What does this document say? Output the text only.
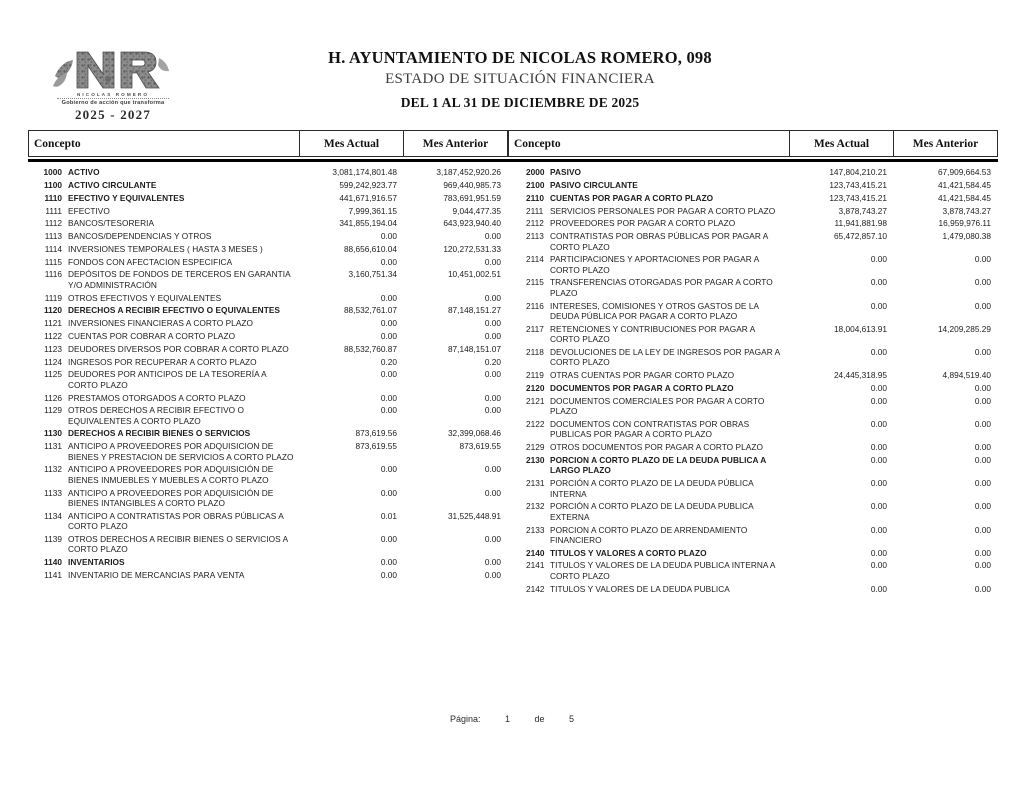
NICOLAS ROMERO
Gobierno de acción que transforma
2025 - 2027
H. AYUNTAMIENTO DE NICOLAS ROMERO, 098
ESTADO DE SITUACIÓN FINANCIERA
DEL 1 AL 31 DE DICIEMBRE DE 2025
Concepto	Mes Actual	Mes Anterior
1000 ACTIVO	3,081,174,801.48	3,187,452,920.26
1100 ACTIVO CIRCULANTE	599,242,923.77	969,440,985.73
1110 EFECTIVO Y EQUIVALENTES	441,671,916.57	783,691,951.59
1111 EFECTIVO	7,999,361.15	9,044,477.35
1112 BANCOS/TESORERIA	341,855,194.04	643,923,940.40
1113 BANCOS/DEPENDENCIAS Y OTROS	0.00	0.00
1114 INVERSIONES TEMPORALES ( HASTA 3 MESES )	88,656,610.04	120,272,531.33
1115 FONDOS CON AFECTACION ESPECIFICA	0.00	0.00
1116 DEPÓSITOS DE FONDOS DE TERCEROS EN GARANTIA Y/O ADMINISTRACIÓN
3,160,751.34	10,451,002.51
1119 OTROS EFECTIVOS Y EQUIVALENTES	0.00	0.00
1120 DERECHOS A RECIBIR EFECTIVO O EQUIVALENTES	88,532,761.07	87,148,151.27
1121 INVERSIONES FINANCIERAS A CORTO PLAZO	0.00	0.00
1122 CUENTAS POR COBRAR A CORTO PLAZO	0.00	0.00
1123 DEUDORES DIVERSOS POR COBRAR A CORTO PLAZO	88,532,760.87	87,148,151.07
1124 INGRESOS POR RECUPERAR A CORTO PLAZO	0.20	0.20
1125 DEUDORES POR ANTICIPOS DE LA TESORERÍA A CORTO PLAZO
0.00	0.00
1126 PRESTAMOS OTORGADOS A CORTO PLAZO	0.00	0.00
1129 OTROS DERECHOS A RECIBIR EFECTIVO O EQUIVALENTES A CORTO PLAZO
0.00	0.00
1130 DERECHOS A RECIBIR BIENES O SERVICIOS	873,619.56	32,399,068.46
1131 ANTICIPO A PROVEEDORES POR ADQUISICION DE BIENES Y PRESTACION DE SERVICIOS A CORTO PLAZO
873,619.55	873,619.55
1132 ANTICIPO A PROVEEDORES POR ADQUISICIÓN DE BIENES INMUEBLES Y MUEBLES A CORTO PLAZO
0.00	0.00
1133 ANTICIPO A PROVEEDORES POR ADQUISICIÓN DE BIENES INTANGIBLES A CORTO PLAZO
0.00	0.00
1134 ANTICIPO A CONTRATISTAS POR OBRAS PÚBLICAS A CORTO PLAZO
0.01	31,525,448.91
1139 OTROS DERECHOS A RECIBIR BIENES O SERVICIOS A CORTO PLAZO
0.00	0.00
1140 INVENTARIOS	0.00	0.00
1141 INVENTARIO DE MERCANCIAS PARA VENTA	0.00	0.00
Concepto	Mes Actual	Mes Anterior
2000 PASIVO	147,804,210.21	67,909,664.53
2100 PASIVO CIRCULANTE	123,743,415.21	41,421,584.45
2110 CUENTAS POR PAGAR A CORTO PLAZO	123,743,415.21	41,421,584.45
2111 SERVICIOS PERSONALES POR PAGAR A CORTO PLAZO	3,878,743.27	3,878,743.27
2112 PROVEEDORES POR PAGAR A CORTO PLAZO	11,941,881.98	16,959,976.11
2113 CONTRATISTAS POR OBRAS PÚBLICAS POR PAGAR A CORTO PLAZO
65,472,857.10	1,479,080.38
2114 PARTICIPACIONES Y APORTACIONES POR PAGAR A CORTO PLAZO
0.00	0.00
2115 TRANSFERENCIAS OTORGADAS POR PAGAR A CORTO PLAZO
0.00	0.00
2116 INTERESES, COMISIONES Y OTROS GASTOS DE LA DEUDA PÚBLICA POR PAGAR A CORTO PLAZO
0.00	0.00
2117 RETENCIONES Y CONTRIBUCIONES POR PAGAR A CORTO PLAZO
18,004,613.91	14,209,285.29
2118 DEVOLUCIONES DE LA LEY DE INGRESOS POR PAGAR A CORTO PLAZO
0.00	0.00
2119 OTRAS CUENTAS POR PAGAR CORTO PLAZO	24,445,318.95	4,894,519.40
2120 DOCUMENTOS POR PAGAR A CORTO PLAZO	0.00	0.00
2121 DOCUMENTOS COMERCIALES POR PAGAR A CORTO PLAZO
0.00	0.00
2122 DOCUMENTOS CON CONTRATISTAS POR OBRAS PUBLICAS POR PAGAR A CORTO PLAZO
0.00	0.00
2129 OTROS DOCUMENTOS POR PAGAR A CORTO PLAZO	0.00	0.00
2130 PORCION A CORTO PLAZO DE LA DEUDA PUBLICA A LARGO PLAZO
0.00	0.00
2131 PORCIÓN A CORTO PLAZO DE LA DEUDA PÚBLICA INTERNA
0.00	0.00
2132 PORCIÓN A CORTO PLAZO DE LA DEUDA PUBLICA EXTERNA
0.00	0.00
2133 PORCION A CORTO PLAZO DE ARRENDAMIENTO FINANCIERO
0.00	0.00
2140 TITULOS Y VALORES A CORTO PLAZO	0.00	0.00
2141 TITULOS Y VALORES DE LA DEUDA PUBLICA INTERNA A CORTO PLAZO
0.00	0.00
2142 TITULOS Y VALORES DE LA DEUDA PUBLICA	0.00	0.00
Página:	1	de	5
